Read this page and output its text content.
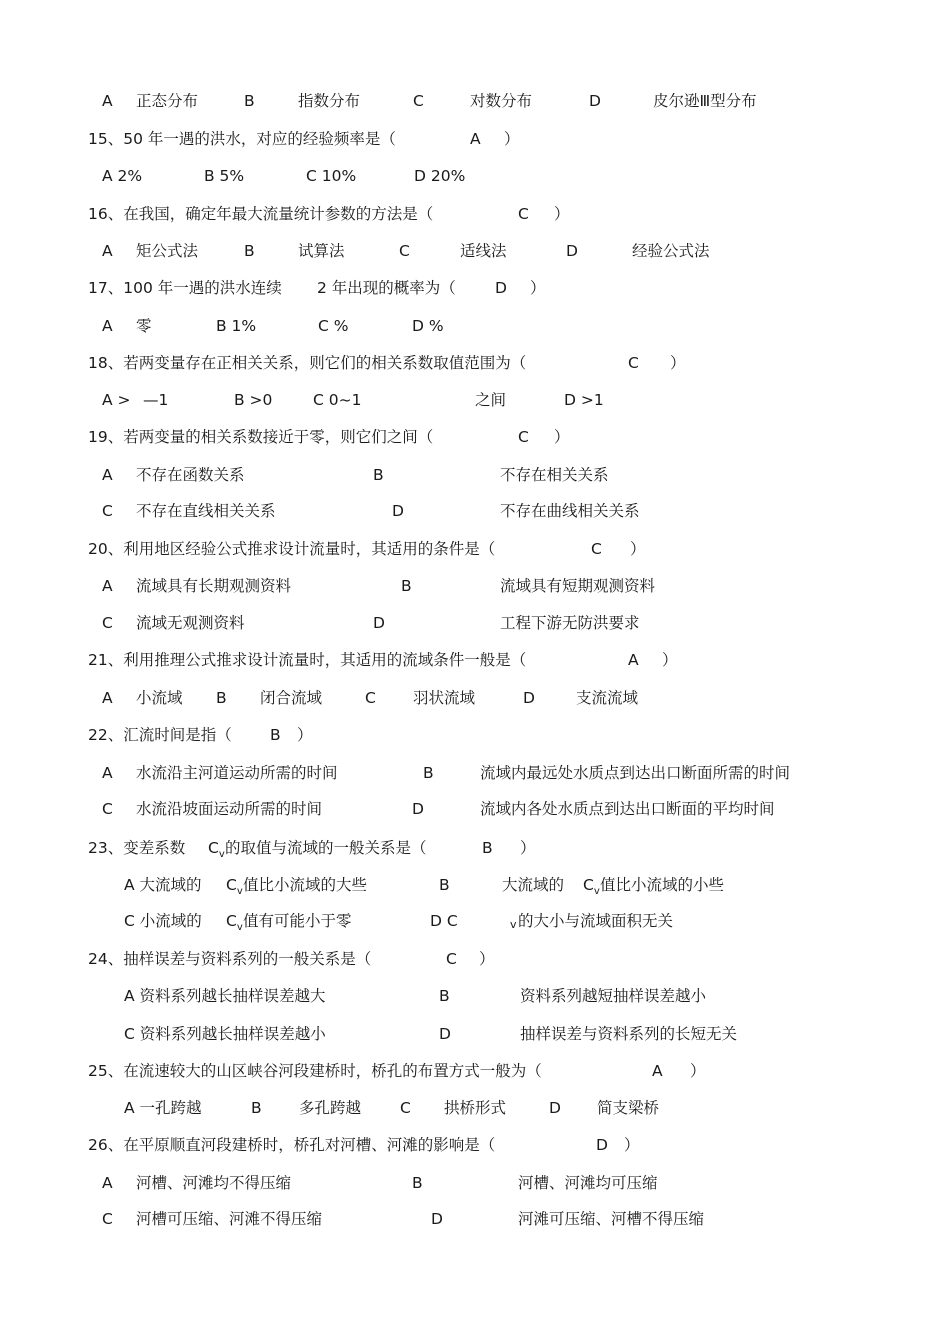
A 正态分布	B	指数分布	C	对数分布	D	皮尔逊Ⅲ型分布
15、50 年一遇的洪水，对应的经验频率是（	A ）
A 2%	B 5%	C 10%	D 20%
16、在我国，确定年最大流量统计参数的方法是（	C ）
A 矩公式法	B	试算法	C	适线法	D	经验公式法
17、100 年一遇的洪水连续 2 年出现的概率为（	D ）
A 零	B 1%	C %	D %
18、若两变量存在正相关关系，则它们的相关系数取值范围为（	C ）
A > —1	B >0	C 0~1	之间	D >1
19、若两变量的相关系数接近于零，则它们之间（	C ）
A 不存在函数关系	B	不存在相关关系
C 不存在直线相关关系	D	不存在曲线相关关系
20、利用地区经验公式推求设计流量时，其适用的条件是（	C ）
A 流域具有长期观测资料	B	流域具有短期观测资料
C 流域无观测资料	D	工程下游无防洪要求
21、利用推理公式推求设计流量时，其适用的流域条件一般是（	A ）
A 小流域 B 闭合流域	C 羽状流域	D	支流流域
22、汇流时间是指（ B ）
A 水流沿主河道运动所需的时间	B	流域内最远处水质点到达出口断面所需的时间
C 水流沿坡面运动所需的时间	D	流域内各处水质点到达出口断面的平均时间
23、变差系数 $C_v$ 的取值与流域的一般关系是（	B ）
A 大流域的 $C_v$ 值比小流域的大些	B	大流域的 $C_v$ 值比小流域的小些
C 小流域的 $C_v$ 值有可能小于零	D C	v 的大小与流域面积无关
24、抽样误差与资料系列的一般关系是（	C ）
A 资料系列越长抽样误差越大	B	资料系列越短抽样误差越小
C 资料系列越长抽样误差越小	D	抽样误差与资料系列的长短无关
25、在流速较大的山区峡谷河段建桥时，桥孔的布置方式一般为（	A ）
A 一孔跨越	B 多孔跨越	C 拱桥形式	D 简支梁桥
26、在平原顺直河段建桥时，桥孔对河槽、河滩的影响是（	D ）
A 河槽、河滩均不得压缩	B	河槽、河滩均可压缩
C 河槽可压缩、河滩不得压缩	D	河滩可压缩、河槽不得压缩
